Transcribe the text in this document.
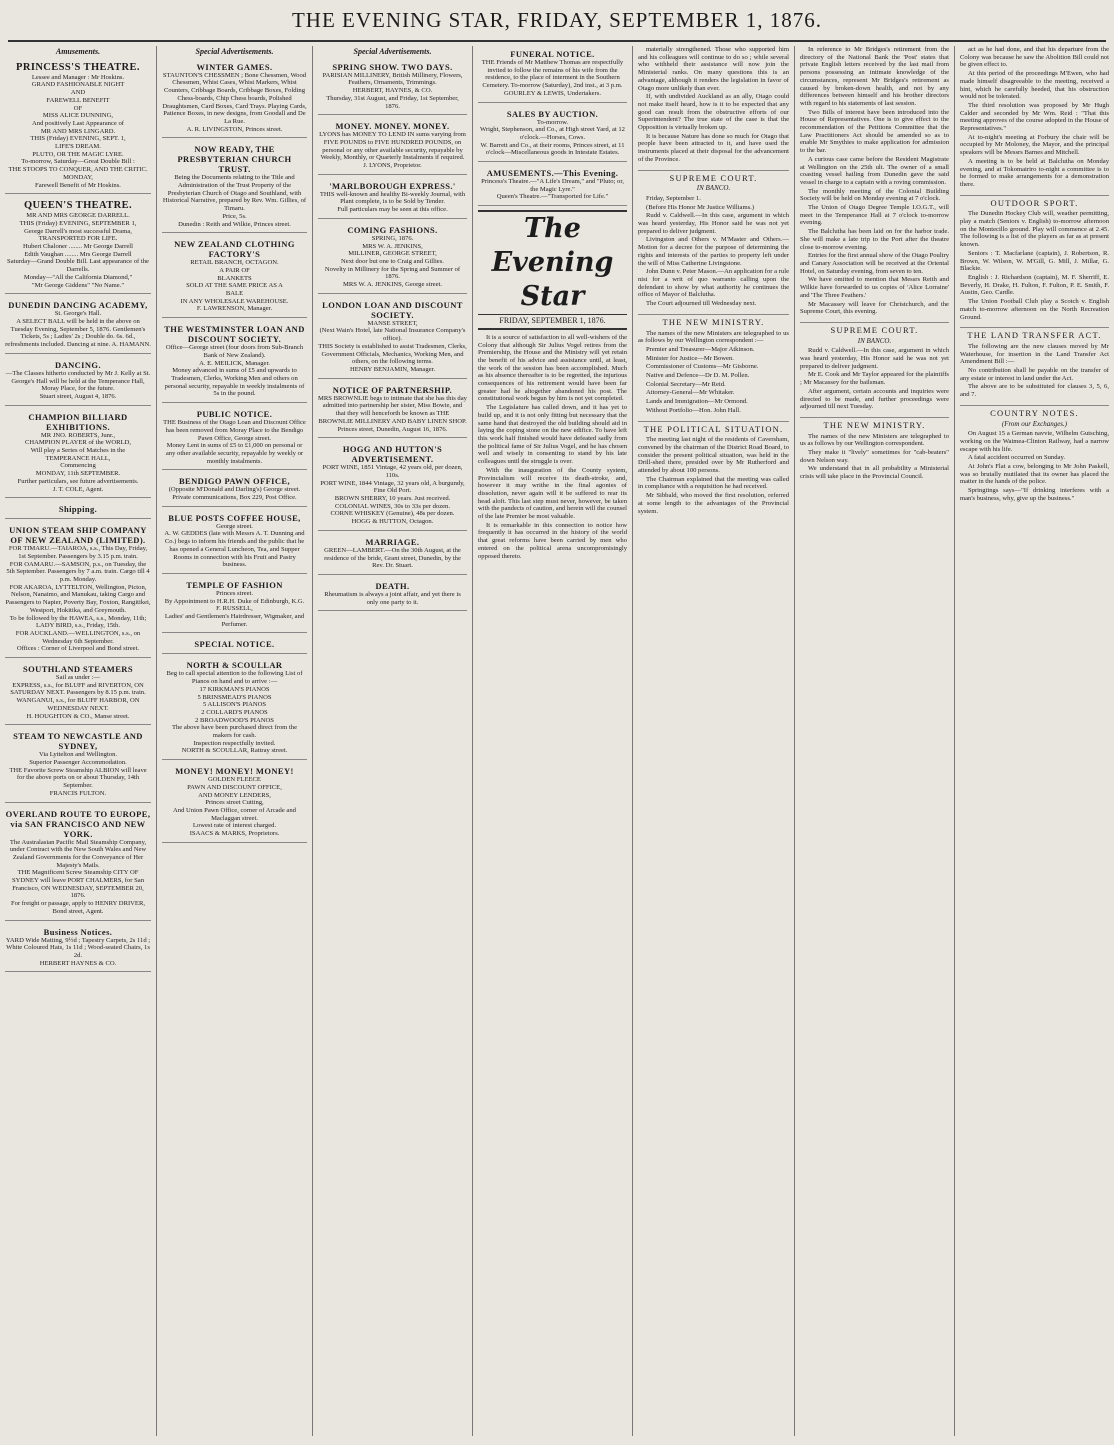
THE EVENING STAR, FRIDAY, SEPTEMBER 1, 1876.
Amusements.
PRINCESS'S THEATRE.
Lessee and Manager : Mr Hoskins.
GRAND FASHIONABLE NIGHT
AND
FAREWELL BENEFIT
OF
MISS ALICE DUNNING,
And positively Last Appearance of
MR AND MRS LINGARD.
THIS (Friday) EVENING, SEPT. 1,
LIFE'S DREAM.
PLUTO, OR THE MAGIC LYRE.
To-morrow, Saturday—Great Double Bill :
THE STOOPS TO CONQUER, AND THE CRITIC.
MONDAY,
Farewell Benefit of Mr Hoskins.
QUEEN'S THEATRE.
MR AND MRS GEORGE DARRELL.
THIS (Friday) EVENING, SEPTEMBER 1,
George Darrell's most successful Drama,
TRANSPORTED FOR LIFE.
Hubert Chaloner ........ Mr George Darrell
Edith Vaughan ........ Mrs George Darrell
Saturday—Grand Double Bill. Last appearance of the Darrells.
Monday—"All the California Diamond,"
"Mr George Giddens" "No Name."
DUNEDIN DANCING ACADEMY,
St. George's Hall.
A SELECT BALL will be held in the above on Tuesday Evening, September 5, 1876. Gentlemen's Tickets, 5s ; Ladies' 2s ; Double do. 6s. 6d., refreshments included. Dancing at nine. A. HAMANN.
DANCING.
—The Classes hitherto conducted by Mr J. Kelly at St. George's Hall will be held at the Temperance Hall, Moray Place, for the future.
Stuart street, August 4, 1876.
CHAMPION BILLIARD EXHIBITIONS.
MR JNO. ROBERTS, Junr.,
CHAMPION PLAYER of the WORLD,
Will play a Series of Matches in the
TEMPERANCE HALL,
Commencing
MONDAY, 11th SEPTEMBER.
Further particulars, see future advertisements.
J. T. COLE, Agent.
Shipping.
UNION STEAM SHIP COMPANY OF NEW ZEALAND (LIMITED).
FOR TIMARU.—TAIAROA, s.s., This Day, Friday, 1st September. Passengers by 3.15 p.m. train.
FOR OAMARU.—SAMSON, p.s., on Tuesday, the 5th September. Passengers by 7 a.m. train. Cargo till 4 p.m. Monday.
FOR AKAROA, LYTTELTON, Wellington, Picton, Nelson, Nanaimo, and Manukau, taking Cargo and Passengers to Napier, Poverty Bay, Foxton, Rangitikei, Westport, Hokitika, and Greymouth.
To be followed by the HAWEA, s.s., Monday, 11th; LADY BIRD, s.s., Friday, 15th.
FOR AUCKLAND.—WELLINGTON, s.s., on Wednesday 6th September.
Offices : Corner of Liverpool and Bond street.
SOUTHLAND STEAMERS
Sail as under :—
EXPRESS, s.s., for BLUFF and RIVERTON, ON SATURDAY NEXT. Passengers by 8.15 p.m. train.
WANGANUI, s.s., for BLUFF HARBOR, ON WEDNESDAY NEXT.
H. HOUGHTON & CO., Manse street.
STEAM TO NEWCASTLE AND SYDNEY,
Via Lyttelton and Wellington.
Superior Passenger Accommodation.
THE Favorite Screw Steamship ALBION will leave for the above ports on or about Thursday, 14th September.
FRANCIS FULTON.
OVERLAND ROUTE TO EUROPE, via SAN FRANCISCO AND NEW YORK.
The Australasian Pacific Mail Steamship Company, under Contract with the New South Wales and New Zealand Governments for the Conveyance of Her Majesty's Mails.
THE Magnificent Screw Steamship CITY OF SYDNEY will leave PORT CHALMERS, for San Francisco, ON WEDNESDAY, SEPTEMBER 20, 1876.
For freight or passage, apply to HENRY DRIVER, Bond street, Agent.
Business Notices.
YARD Wide Matting, 9½d ; Tapestry Carpets, 2s 11d ; White Coloured Hats, 1s 11d ; Wood-seated Chairs, 1s 2d.
HERBERT HAYNES & CO.
Special Advertisements.
WINTER GAMES.
STAUNTON'S CHESSMEN ; Bone Chessmen, Wood Chessmen, Whist Cases, Whist Markers, Whist Counters, Cribbage Boards, Cribbage Boxes, Folding Chess-boards, Chip Chess boards, Polished Draughtsmen, Card Boxes, Card Trays. Playing Cards, Patience Boxes, in new designs, from Goodall and De La Rue.
A. R. LIVINGSTON, Princes street.
NOW READY, THE PRESBYTERIAN CHURCH TRUST.
Being the Documents relating to the Title and Administration of the Trust Property of the Presbyterian Church of Otago and Southland, with Historical Narrative, prepared by Rev. Wm. Gillies, of Timaru.
Price, 5s.
Dunedin : Reith and Wilkie, Princes street.
NEW ZEALAND CLOTHING FACTORY'S
RETAIL BRANCH, OCTAGON.
A PAIR OF
BLANKETS
SOLD AT THE SAME PRICE AS A
BALE
IN ANY WHOLESALE WAREHOUSE.
F. LAWRENSON, Manager.
THE WESTMINSTER LOAN AND DISCOUNT SOCIETY.
Office—George street (four doors from Sub-Branch Bank of New Zealand).
A. E. MEILICK, Manager.
Money advanced in sums of £5 and upwards to Tradesmen, Clerks, Working Men and others on personal security, repayable in weekly instalments of 5s in the pound.
PUBLIC NOTICE.
THE Business of the Otago Loan and Discount Office has been removed from Moray Place to the Bendigo Pawn Office, George street.
Money Lent in sums of £5 to £1,000 on personal or any other available security, repayable by weekly or monthly instalments.
BENDIGO PAWN OFFICE,
(Opposite M'Donald and Darling's) George street.
Private communications, Box 229, Post Office.
BLUE POSTS COFFEE HOUSE,
George street.
A. W. GEDDES (late with Messrs A. T. Dunning and Co.) begs to inform his friends and the public that he has opened a General Luncheon, Tea, and Supper Rooms in connection with his Fruit and Pastry business.
TEMPLE OF FASHION
Princes street.
By Appointment to H.R.H. Duke of Edinburgh, K.G.
F. RUSSELL,
Ladies' and Gentlemen's Hairdresser, Wigmaker, and Perfumer.
SPECIAL NOTICE.
NORTH & SCOULLAR
Beg to call special attention to the following List of Pianos on hand and to arrive :—
17 KIRKMAN'S PIANOS
5 BRINSMEAD'S PIANOS
5 ALLISON'S PIANOS
2 COLLARD'S PIANOS
2 BROADWOOD'S PIANOS
The above have been purchased direct from the makers for cash.
Inspection respectfully invited.
NORTH & SCOULLAR, Rattray street.
MONEY! MONEY! MONEY!
GOLDEN FLEECE
PAWN AND DISCOUNT OFFICE,
AND MONEY LENDERS,
Princes street Cutting,
And Union Pawn Office, corner of Arcade and Maclaggan street.
Lowest rate of interest charged.
ISAACS & MARKS, Proprietors.
Special Advertisements.
SPRING SHOW. TWO DAYS.
PARISIAN MILLINERY, British Millinery, Flowers, Feathers, Ornaments, Trimmings.
HERBERT, HAYNES, & CO.
Thursday, 31st August, and Friday, 1st September, 1876.
MONEY. MONEY. MONEY.
LYONS has MONEY TO LEND IN sums varying from FIVE POUNDS to FIVE HUNDRED POUNDS, on personal or any other available security, repayable by Weekly, Monthly, or Quarterly Instalments if required.
J. LYONS, Proprietor.
'MARLBOROUGH EXPRESS.'
THIS well-known and healthy Bi-weekly Journal, with Plant complete, is to be Sold by Tender.
Full particulars may be seen at this office.
COMING FASHIONS.
SPRING, 1876.
MRS W. A. JENKINS,
MILLINER, GEORGE STREET,
Next door but one to Craig and Gillies.
Novelty in Millinery for the Spring and Summer of 1876.
MRS W. A. JENKINS, George street.
LONDON LOAN AND DISCOUNT SOCIETY.
MANSE STREET,
(Next Wain's Hotel, late National Insurance Company's office).
THIS Society is established to assist Tradesmen, Clerks, Government Officials, Mechanics, Working Men, and others, on the following terms.
HENRY BENJAMIN, Manager.
NOTICE OF PARTNERSHIP.
MRS BROWNLIE begs to intimate that she has this day admitted into partnership her sister, Miss Bowie, and that they will henceforth be known as THE BROWNLIE MILLINERY AND BABY LINEN SHOP.
Princes street, Dunedin, August 16, 1876.
HOGG AND HUTTON'S ADVERTISEMENT.
PORT WINE, 1851 Vintage, 42 years old, per dozen, 110s.
PORT WINE, 1844 Vintage, 32 years old, A burgundy, Fine Old Port.
BROWN SHERRY, 10 years. Just received.
COLONIAL WINES, 30s to 33s per dozen.
CORNE WHISKEY (Genuine), 48s per dozen.
HOGG & HUTTON, Octagon.
MARRIAGE.
GREEN—LAMBERT.—On the 30th August, at the residence of the bride, Grant street, Dunedin, by the Rev. Dr. Stuart.
DEATH.
Rheumatism is always a joint affair, and yet there is only one party to it.
FUNERAL NOTICE.
THE Friends of Mr Matthew Thomas are respectfully invited to follow the remains of his wife from the residence, to the place of interment in the Southern Cemetery. To-morrow (Saturday), 2nd inst., at 3 p.m.
GOURLEY & LEWIS, Undertakers.
SALES BY AUCTION.
To-morrow.
Wright, Stephenson, and Co., at High street Yard, at 12 o'clock.—Horses, Cows.
W. Barrett and Co., at their rooms, Princes street, at 11 o'clock—Miscellaneous goods in Intestate Estates.
AMUSEMENTS.—This Evening.
Princess's Theatre.—"A Life's Dream," and "Pluto; or, the Magic Lyre."
Queen's Theatre.—"Transported for Life."
The Evening Star
FRIDAY, SEPTEMBER 1, 1876.

It is a source of satisfaction to all well-wishers of the Colony that although Sir Julius Vogel retires from the Premiership, the House and the Ministry will yet retain the benefit of his advice and assistance until, at least, the work of the session has been accomplished. Much as his absence thereafter is to be regretted, the injurious consequences of his retirement would have been far greater had he altogether abandoned his post. The constitutional work begun by him is not yet completed.

The Legislature has called down, and it has yet to build up, and it is not only fitting but necessary that the same hand that destroyed the old building should aid in laying the coping stone on the new edifice. To have left this work half finished would have defeated sadly from the political fame of Sir Julius Vogel, and he has chosen well and wisely in consenting to stand by his late colleagues until the struggle is over.

With the inauguration of the County system, Provincialism will receive its death-stroke, and, however it may writhe in the final agonies of dissolution, never again will it be suffered to rear its head aloft. This last step must never, however, be taken with the pandects of caution, and herein will the counsel of the late Premier be most valuable.

It is remarkable in this connection to notice how frequently it has occurred in the history of the world that great reforms have been carried by men who entered on the political arena uncompromisingly opposed thereto.

materially strengthened. Those who supported him and his colleagues will continue to do so ; while several who withheld their assistance will now join the Ministerial ranks. On many questions this is an advantage, although it renders the legislation in favor of Otago more unlikely than ever.

If, with undivided Auckland as an ally, Otago could not make itself heard, how is it to be expected that any good can result from the obstructive efforts of our Superintendent? The true state of the case is that the Opposition is virtually broken up.

It is because Nature has done so much for Otago that people have been attracted to it, and have used the instruments placed at their disposal for the advancement of the Province.

SUPREME COURT.
IN BANCO.

Friday, September 1.

(Before His Honor Mr Justice Williams.)

Rudd v. Caldwell.—In this case, argument in which was heard yesterday, His Honor said he was not yet prepared to deliver judgment.

Livingston and Others v. M'Master and Others.—Motion for a decree for the purpose of determining the rights and interests of the parties to property left under the will of Miss Catherine Livingstone.

John Dunn v. Peter Mason.—An application for a rule nisi for a writ of quo warranto calling upon the defendant to show by what authority he continues the office of Mayor of Balclutha.

The Court adjourned till Wednesday next.

THE NEW MINISTRY.

The names of the new Ministers are telegraphed to us as follows by our Wellington correspondent :—

Premier and Treasurer—Major Atkinson.

Minister for Justice—Mr Bowen.

Commissioner of Customs—Mr Gisborne.

Native and Defence—Dr D. M. Pollen.

Colonial Secretary—Mr Reid.

Attorney-General—Mr Whitaker.

Lands and Immigration—Mr Ormond.

Without Portfolio—Hon. John Hall.

THE POLITICAL SITUATION.

The meeting last night of the residents of Caversham, convened by the chairman of the District Road Board, to consider the present political situation, was held in the Drill-shed there, presided over by Mr Rutherford and attended by about 100 persons.

The Chairman explained that the meeting was called in compliance with a requisition he had received.

Mr Sibbald, who moved the first resolution, referred at some length to the advantages of the Provincial system.

In reference to Mr Bridges's retirement from the directory of the National Bank the 'Post' states that private English letters received by the last mail from persons possessing an intimate knowledge of the circumstances, represent Mr Bridges's retirement as caused by broken-down health, and not by any differences between himself and his brother directors with regard to his statements of last session.

Two Bills of interest have been introduced into the House of Representatives. One is to give effect to the recommendation of the Petitions Committee that the Law Practitioners Act should be amended so as to enable Mr Smythies to make application for admission to the bar.

A curious case came before the Resident Magistrate at Wellington on the 25th ult. The owner of a small coasting vessel hailing from Dunedin gave the said vessel in charge to a captain with a roving commission.

The monthly meeting of the Colonial Building Society will be held on Monday evening at 7 o'clock.

The Union of Otago Degree Temple I.O.G.T., will meet in the Temperance Hall at 7 o'clock to-morrow evening.

The Balclutha has been laid on for the harbor trade. She will make a late trip to the Port after the theatre close to-morrow evening.

Entries for the first annual show of the Otago Poultry and Canary Association will be received at the Oriental Hotel, on Saturday evening, from seven to ten.

We have omitted to mention that Messrs Reith and Wilkie have forwarded to us copies of 'Alice Lorraine' and 'The Three Feathers.'

Mr Macassey will leave for Christchurch, and the Supreme Court, this evening.

SUPREME COURT.
IN BANCO.

Rudd v. Caldwell.—In this case, argument in which was heard yesterday, His Honor said he was not yet prepared to deliver judgment.

Mr E. Cook and Mr Taylor appeared for the plaintiffs ; Mr Macassey for the bailsman.

After argument, certain accounts and inquiries were directed to be made, and further proceedings were adjourned till next Tuesday.

THE NEW MINISTRY.

The names of the new Ministers are telegraphed to us as follows by our Wellington correspondent.

They make it "lively" sometimes for "cab-beaters" down Nelson way.

We understand that in all probability a Ministerial crisis will take place in the Provincial Council.

act as he had done, and that his departure from the Colony was because he saw the Abolition Bill could not be given effect to.

At this period of the proceedings M'Ewen, who had made himself disagreeable to the meeting, received a hint, which he carefully heeded, that his obstruction would not be tolerated.

The third resolution was proposed by Mr Hugh Calder and seconded by Mr Wm. Reid : "That this meeting approves of the course adopted in the House of Representatives."

At to-night's meeting at Forbury the chair will be occupied by Mr Moloney, the Mayor, and the principal speakers will be Messrs Barnes and Mitchell.

A meeting is to be held at Balclutha on Monday evening, and at Tokomairiro to-night a committee is to be formed to make arrangements for a demonstration there.

OUTDOOR SPORT.

The Dunedin Hockey Club will, weather permitting, play a match (Seniors v. English) to-morrow afternoon on the Montecillo ground. Play will commence at 2.45. The following is a list of the players as far as at present known.

Seniors : T. Macfarlane (captain), J. Robertson, R. Brown, W. Wilson, W. M'Gill, G. Mill, J. Millar, G. Blackie.

English : J. Richardson (captain), M. F. Sherriff, E. Beverly, H. Drake, H. Fulton, F. Fulton, P. E. Smith, F. Austin, Geo. Cardle.

The Union Football Club play a Scotch v. English match to-morrow afternoon on the North Recreation Ground.

THE LAND TRANSFER ACT.

The following are the new clauses moved by Mr Waterhouse, for insertion in the Land Transfer Act Amendment Bill :—

No contribution shall be payable on the transfer of any estate or interest in land under the Act.

The above are to be substituted for clauses 3, 5, 6, and 7.

COUNTRY NOTES.
(From our Exchanges.)

On August 15 a German navvie, Wilhelm Gutsching, working on the Waimea-Clinton Railway, had a narrow escape with his life.

A fatal accident occurred on Sunday.

At John's Flat a cow, belonging to Mr John Paskell, was so brutally mutilated that its owner has placed the matter in the hands of the police.

Springtings says—"If drinking interferes with a man's business, why, give up the business."
